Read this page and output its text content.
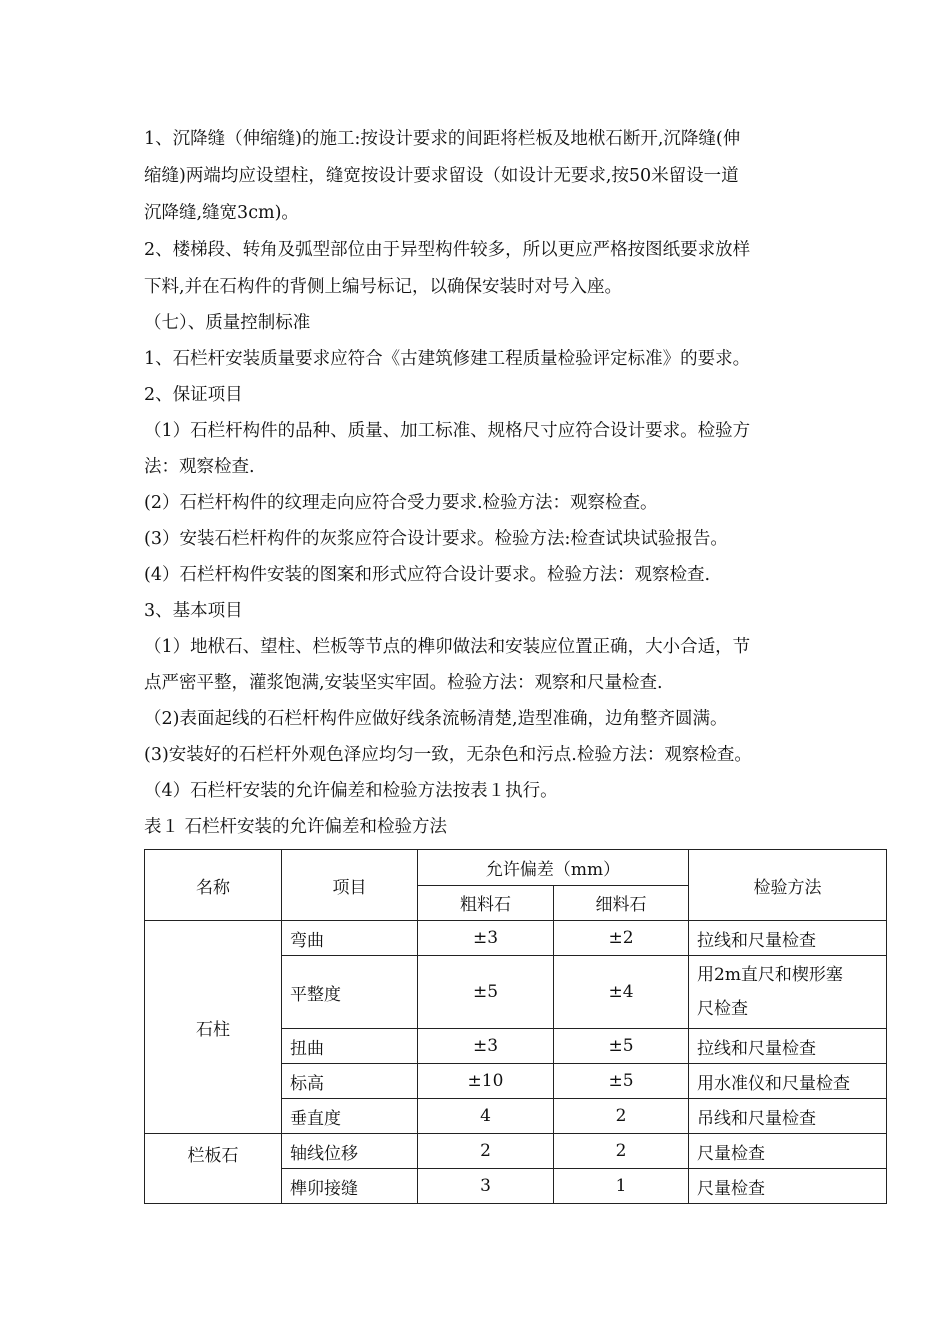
1、沉降缝（伸缩缝)的施工:按设计要求的间距将栏板及地栿石断开,沉降缝(伸
缩缝)两端均应设望柱，缝宽按设计要求留设（如设计无要求,按50米留设一道
沉降缝,缝宽3cm)。
2、楼梯段、转角及弧型部位由于异型构件较多，所以更应严格按图纸要求放样
下料,并在石构件的背侧上编号标记，以确保安装时对号入座。
（七）、质量控制标准
1、石栏杆安装质量要求应符合《古建筑修建工程质量检验评定标准》的要求。
2、保证项目
（1）石栏杆构件的品种、质量、加工标准、规格尺寸应符合设计要求。检验方
法：观察检查.
(2）石栏杆构件的纹理走向应符合受力要求.检验方法：观察检查。
(3）安装石栏杆构件的灰浆应符合设计要求。检验方法:检查试块试验报告。
(4）石栏杆构件安装的图案和形式应符合设计要求。检验方法：观察检查.
3、基本项目
（1）地栿石、望柱、栏板等节点的榫卯做法和安装应位置正确，大小合适，节
点严密平整，灌浆饱满,安装坚实牢固。检验方法：观察和尺量检查.
（2)表面起线的石栏杆构件应做好线条流畅清楚,造型准确，边角整齐圆满。
(3)安装好的石栏杆外观色泽应均匀一致，无杂色和污点.检验方法：观察检查。
（4）石栏杆安装的允许偏差和检验方法按表１执行。
表１ 石栏杆安装的允许偏差和检验方法
名称	项目	允许偏差（mm）		检验方法
		粗料石	细料石	
石柱	弯曲	±3	±2	拉线和尺量检查
	平整度	±5	±4	用2m直尺和楔形塞
尺检查

	扭曲	±3	±5	拉线和尺量检查
	标高	±10	±5	用水准仪和尺量检查
	垂直度	4	2	吊线和尺量检查
栏板石	轴线位移	2	2	尺量检查
	榫卯接缝	3	1	尺量检查
